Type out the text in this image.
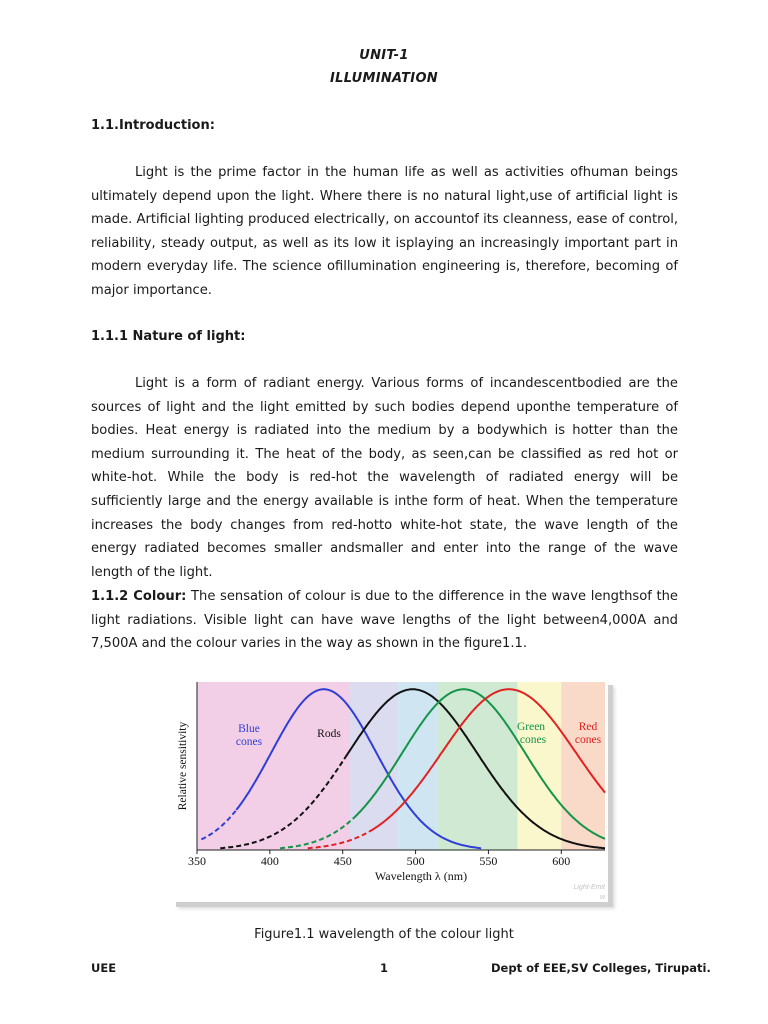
UNIT-1
ILLUMINATION
1.1.Introduction:

Light is the prime factor in the human life as well as activities ofhuman beings ultimately depend upon the light. Where there is no natural light,use of artificial light is made. Artificial lighting produced electrically, on accountof its cleanness, ease of control, reliability, steady output, as well as its low it isplaying an increasingly important part in modern everyday life. The science ofillumination engineering is, therefore, becoming of major importance.

1.1.1 Nature of light:

Light is a form of radiant energy. Various forms of incandescentbodied are the sources of light and the light emitted by such bodies depend uponthe temperature of bodies. Heat energy is radiated into the medium by a bodywhich is hotter than the medium surrounding it. The heat of the body, as seen,can be classified as red hot or white-hot. While the body is red-hot the wavelength of radiated energy will be sufficiently large and the energy available is inthe form of heat. When the temperature increases the body changes from red-hotto white-hot state, the wave length of the energy radiated becomes smaller andsmaller and enter into the range of the wave length of the light.

1.1.2 Colour: The sensation of colour is due to the difference in the wave lengthsof the light radiations. Visible light can have wave lengths of the light between4,000A and 7,500A and the colour varies in the way as shown in the figure1.1.

350	400	450	500	550	600
Wavelength λ (nm)
Relative sensitivity	Blue
cones
Rods
Green
cones
Red
cones
Light-Emit
w
Figure1.1 wavelength of the colour light
UEE	1	Dept of EEE,SV Colleges, Tirupati.
